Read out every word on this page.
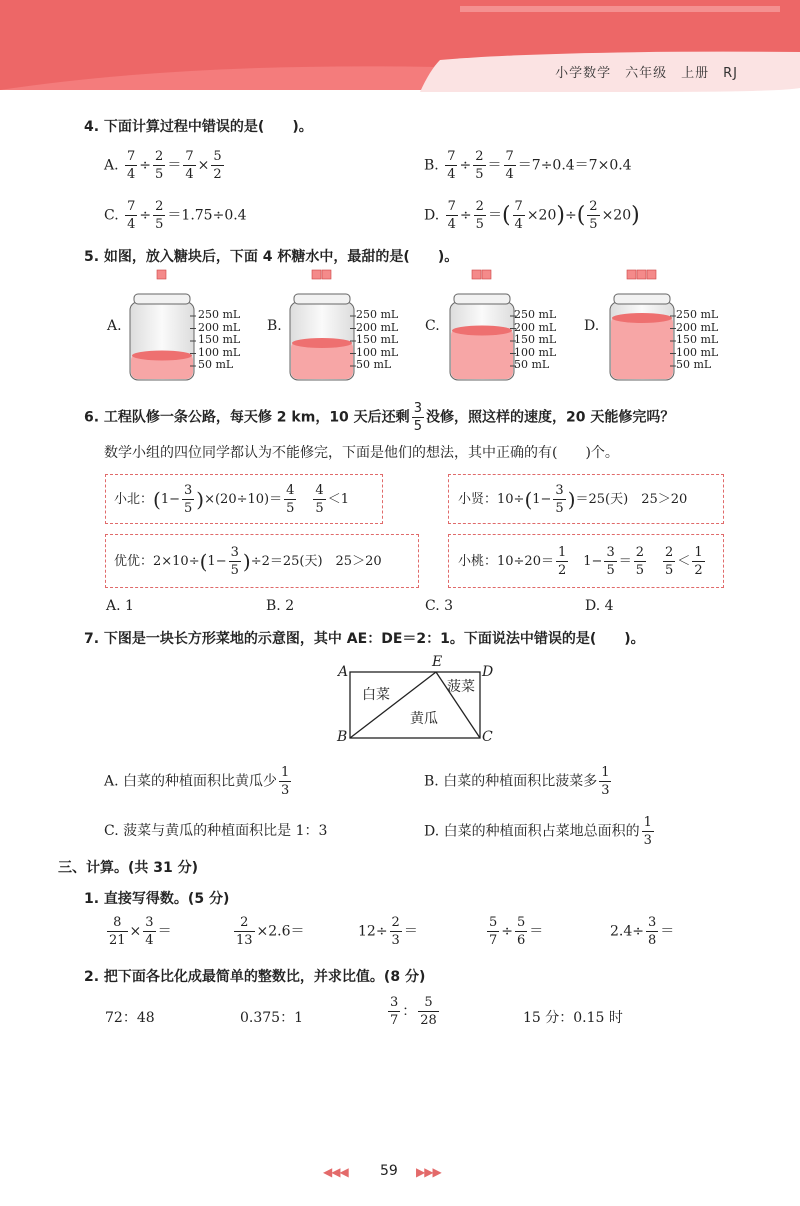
小学数学　六年级　上册　RJ
4. 下面计算过程中错误的是(　　)。
A. $\frac{7}{4} \div \frac{2}{5} = \frac{7}{4} \times \frac{5}{2}$	B. $\frac{7}{4} \div \frac{2}{5} = \frac{7}{4} =7\div 0.4=7\times 0.4$
C. $\frac{7}{4} \div \frac{2}{5} =1.75\div 0.4$	D. $\frac{7}{4} \div \frac{2}{5}$ ＝( $\frac{7}{4} \times 20)\div( \frac{2}{5} \times 20)$
5. 如图，放入糖块后，下面 4 杯糖水中，最甜的是(　　)。
A.	B.	C.	D.
250 mL
200 mL
150 mL
100 mL
50 mL
250 mL
200 mL
150 mL
100 mL
50 mL
250 mL
200 mL
150 mL
100 mL
50 mL
250 mL
200 mL
150 mL
100 mL
50 mL
6. 工程队修一条公路，每天修 2 km，10 天后还剩 $\frac{3}{5}$ 没修，照这样的速度，20 天能修完吗？
数学小组的四位同学都认为不能修完，下面是他们的想法，其中正确的有(　　)个。
小北：$(1- \frac{3}{5} )\times(20\div 10)= \frac{4}{5}$
　 $\frac{4}{5} <1$	小贤：$10\div(1- \frac{3}{5} )=25$(天)　25＞20
优优：$2\times 10\div(1- \frac{3}{5} )\div 2=25$(天)　25＞20	小桃：$10\div 20= \frac{1}{2}$ 　$1- \frac{3}{5} = \frac{2}{5}$
　 $\frac{2}{5} < \frac{1}{2}$
A. 1	B. 2	C. 3	D. 4
7. 下图是一块长方形菜地的示意图，其中 AE：DE＝2：1。下面说法中错误的是(　　)。
A
E
D
B	C
白菜	菠菜
黄瓜
A. 白菜的种植面积比黄瓜少 $\frac{1}{3}$	B. 白菜的种植面积比菠菜多 $\frac{1}{3}$
C. 菠菜与黄瓜的种植面积比是 1：3	D. 白菜的种植面积占菜地总面积的 $\frac{1}{3}$
三、计算。(共 31 分)
1. 直接写得数。(5 分)
$\frac{8}{21} \times \frac{3}{4}$ ＝	$\frac{2}{13} \times 2.6=$	$12\div \frac{2}{3}$ ＝	$\frac{5}{7} \div \frac{5}{6}$ ＝	$2.4\div \frac{3}{8}$ ＝
2. 把下面各比化成最简单的整数比，并求比值。(8 分)
72：48	0.375：1	$\frac{3}{7}$ ： $\frac{5}{28}$	15 分：0.15 时
◀◀◀ 59 ▶▶▶
